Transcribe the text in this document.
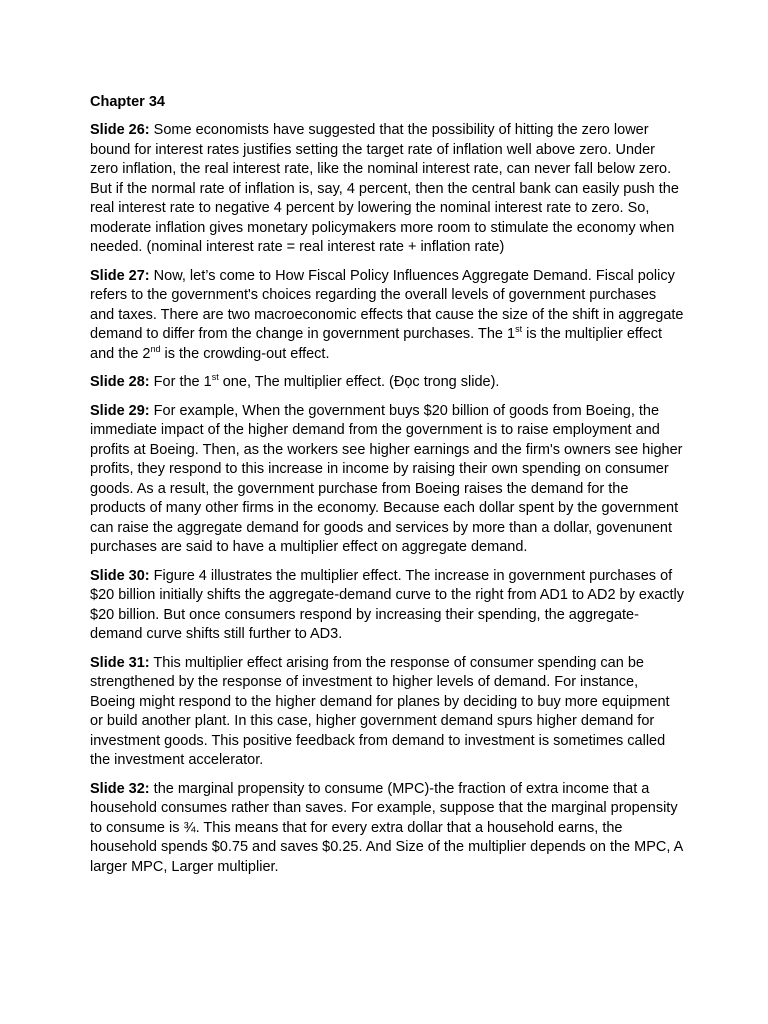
Chapter 34

Slide 26: Some economists have suggested that the possibility of hitting the zero lower bound for interest rates justifies setting the target rate of inflation well above zero. Under zero inflation, the real interest rate, like the nominal interest rate, can never fall below zero. But if the normal rate of inflation is, say, 4 percent, then the central bank can easily push the real interest rate to negative 4 percent by lowering the nominal interest rate to zero. So, moderate inflation gives monetary policymakers more room to stimulate the economy when needed. (nominal interest rate = real interest rate + inflation rate)

Slide 27: Now, let’s come to How Fiscal Policy Influences Aggregate Demand. Fiscal policy refers to the government's choices regarding the overall levels of government purchases and taxes. There are two macroeconomic effects that cause the size of the shift in aggregate demand to differ from the change in government purchases. The 1st is the multiplier effect and the 2nd is the crowding-out effect.

Slide 28: For the 1st one, The multiplier effect. (Đọc trong slide).

Slide 29: For example, When the government buys $20 billion of goods from Boeing, the immediate impact of the higher demand from the government is to raise employment and profits at Boeing. Then, as the workers see higher earnings and the firm's owners see higher profits, they respond to this increase in income by raising their own spending on consumer goods. As a result, the government purchase from Boeing raises the demand for the products of many other firms in the economy. Because each dollar spent by the government can raise the aggregate demand for goods and services by more than a dollar, govenunent purchases are said to have a multiplier effect on aggregate demand.

Slide 30: Figure 4 illustrates the multiplier effect. The increase in government purchases of $20 billion initially shifts the aggregate-demand curve to the right from AD1 to AD2 by exactly $20 billion. But once consumers respond by increasing their spending, the aggregate-demand curve shifts still further to AD3.

Slide 31: This multiplier effect arising from the response of consumer spending can be strengthened by the response of investment to higher levels of demand. For instance, Boeing might respond to the higher demand for planes by deciding to buy more equipment or build another plant. In this case, higher government demand spurs higher demand for investment goods. This positive feedback from demand to investment is sometimes called the investment accelerator.

Slide 32: the marginal propensity to consume (MPC)-the fraction of extra income that a household consumes rather than saves. For example, suppose that the marginal propensity to consume is ¾. This means that for every extra dollar that a household earns, the household spends $0.75 and saves $0.25. And Size of the multiplier depends on the MPC, A larger MPC, Larger multiplier.
